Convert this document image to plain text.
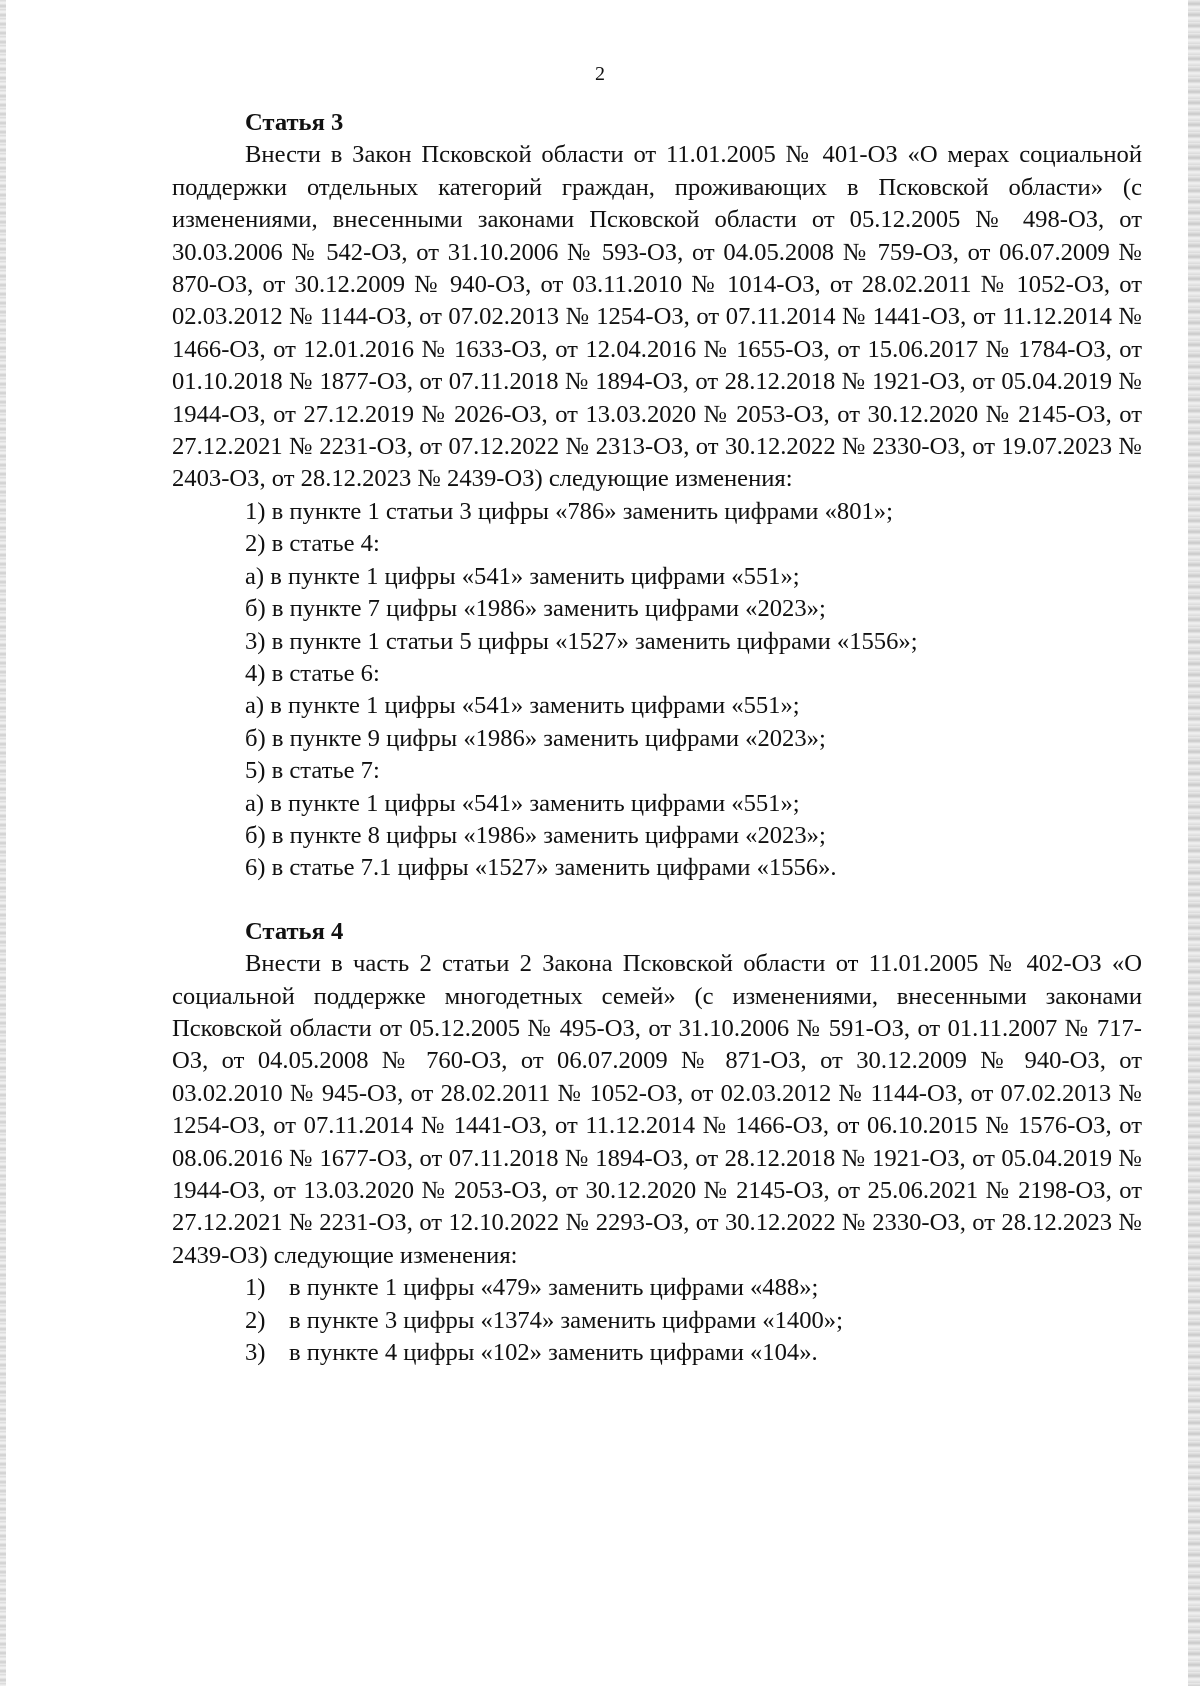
2

Статья 3

Внести в Закон Псковской области от 11.01.2005 № 401-ОЗ «О мерах социальной поддержки отдельных категорий граждан, проживающих в Псковской области» (с изменениями, внесенными законами Псковской области от 05.12.2005 № 498-ОЗ, от 30.03.2006 № 542-ОЗ, от 31.10.2006 № 593-ОЗ, от 04.05.2008 № 759-ОЗ, от 06.07.2009 № 870-ОЗ, от 30.12.2009 № 940-ОЗ, от 03.11.2010 № 1014-ОЗ, от 28.02.2011 № 1052-ОЗ, от 02.03.2012 № 1144-ОЗ, от 07.02.2013 № 1254-ОЗ, от 07.11.2014 № 1441-ОЗ, от 11.12.2014 № 1466-ОЗ, от 12.01.2016 № 1633-ОЗ, от 12.04.2016 № 1655-ОЗ, от 15.06.2017 № 1784-ОЗ, от 01.10.2018 № 1877-ОЗ, от 07.11.2018 № 1894-ОЗ, от 28.12.2018 № 1921-ОЗ, от 05.04.2019 № 1944-ОЗ, от 27.12.2019 № 2026-ОЗ, от 13.03.2020 № 2053-ОЗ, от 30.12.2020 № 2145-ОЗ, от 27.12.2021 № 2231-ОЗ, от 07.12.2022 № 2313-ОЗ, от 30.12.2022 № 2330-ОЗ, от 19.07.2023 № 2403-ОЗ, от 28.12.2023 № 2439-ОЗ) следующие изменения:

1) в пункте 1 статьи 3 цифры «786» заменить цифрами «801»;

2) в статье 4:

а) в пункте 1 цифры «541» заменить цифрами «551»;

б) в пункте 7 цифры «1986» заменить цифрами «2023»;

3) в пункте 1 статьи 5 цифры «1527» заменить цифрами «1556»;

4) в статье 6:

а) в пункте 1 цифры «541» заменить цифрами «551»;

б) в пункте 9 цифры «1986» заменить цифрами «2023»;

5) в статье 7:

а) в пункте 1 цифры «541» заменить цифрами «551»;

б) в пункте 8 цифры «1986» заменить цифрами «2023»;

6) в статье 7.1 цифры «1527» заменить цифрами «1556».

Статья 4

Внести в часть 2 статьи 2 Закона Псковской области от 11.01.2005 № 402-ОЗ «О социальной поддержке многодетных семей» (с изменениями, внесенными законами Псковской области от 05.12.2005 № 495-ОЗ, от 31.10.2006 № 591-ОЗ, от 01.11.2007 № 717-ОЗ, от 04.05.2008 № 760-ОЗ, от 06.07.2009 № 871-ОЗ, от 30.12.2009 № 940-ОЗ, от 03.02.2010 № 945-ОЗ, от 28.02.2011 № 1052-ОЗ, от 02.03.2012 № 1144-ОЗ, от 07.02.2013 № 1254-ОЗ, от 07.11.2014 № 1441-ОЗ, от 11.12.2014 № 1466-ОЗ, от 06.10.2015 № 1576-ОЗ, от 08.06.2016 № 1677-ОЗ, от 07.11.2018 № 1894-ОЗ, от 28.12.2018 № 1921-ОЗ, от 05.04.2019 № 1944-ОЗ, от 13.03.2020 № 2053-ОЗ, от 30.12.2020 № 2145-ОЗ, от 25.06.2021 № 2198-ОЗ, от 27.12.2021 № 2231-ОЗ, от 12.10.2022 № 2293-ОЗ, от 30.12.2022 № 2330-ОЗ, от 28.12.2023 № 2439-ОЗ) следующие изменения:

1) в пункте 1 цифры «479» заменить цифрами «488»;

2) в пункте 3 цифры «1374» заменить цифрами «1400»;

3) в пункте 4 цифры «102» заменить цифрами «104».
